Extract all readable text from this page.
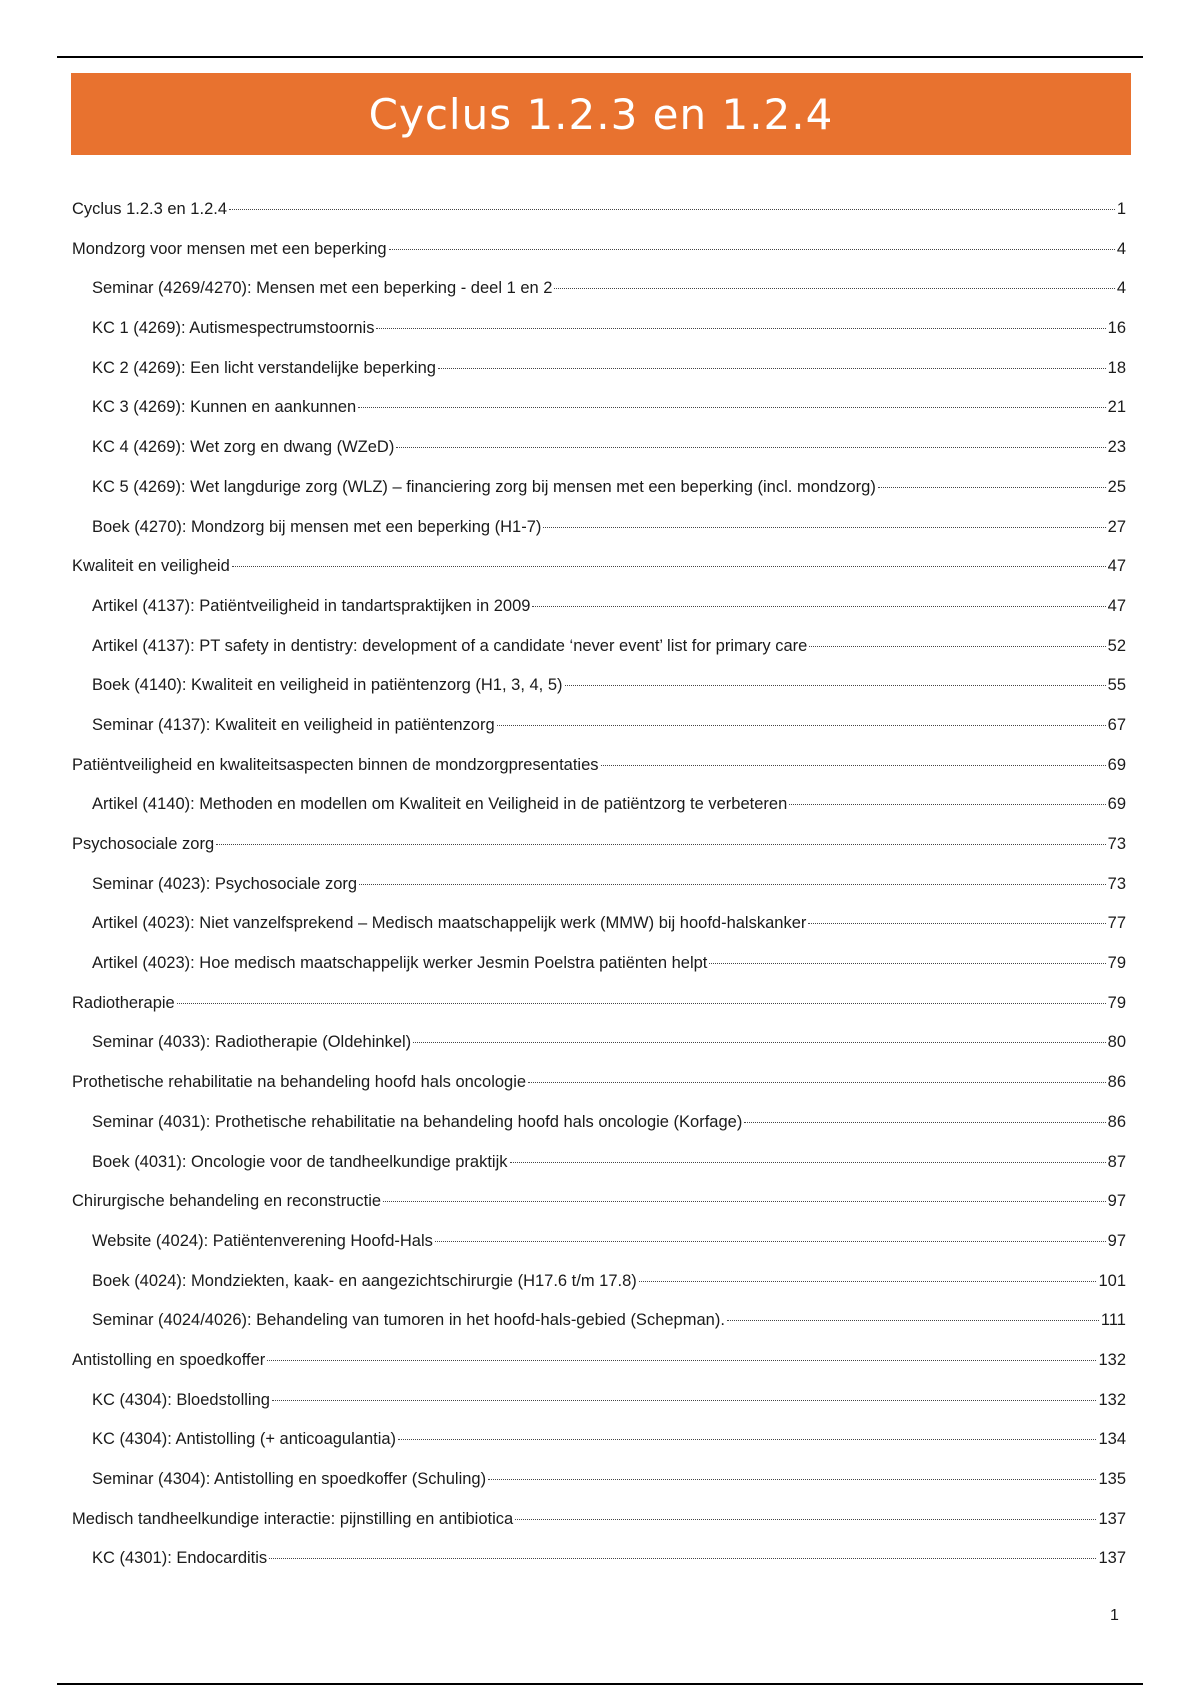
Cyclus 1.2.3 en 1.2.4
Cyclus 1.2.3 en 1.2.4	1
Mondzorg voor mensen met een beperking	4
Seminar (4269/4270): Mensen met een beperking - deel 1 en 2	4
KC 1 (4269): Autismespectrumstoornis	16
KC 2 (4269): Een licht verstandelijke beperking	18
KC 3 (4269): Kunnen en aankunnen	21
KC 4 (4269): Wet zorg en dwang (WZeD)	23
KC 5 (4269): Wet langdurige zorg (WLZ) – financiering zorg bij mensen met een beperking (incl. mondzorg)	25
Boek (4270): Mondzorg bij mensen met een beperking (H1-7)	27
Kwaliteit en veiligheid	47
Artikel (4137): Patiëntveiligheid in tandartspraktijken in 2009	47
Artikel (4137): PT safety in dentistry: development of a candidate ‘never event’ list for primary care	52
Boek (4140): Kwaliteit en veiligheid in patiëntenzorg (H1, 3, 4, 5)	55
Seminar (4137): Kwaliteit en veiligheid in patiëntenzorg	67
Patiëntveiligheid en kwaliteitsaspecten binnen de mondzorgpresentaties	69
Artikel (4140): Methoden en modellen om Kwaliteit en Veiligheid in de patiëntzorg te verbeteren	69
Psychosociale zorg	73
Seminar (4023): Psychosociale zorg	73
Artikel (4023): Niet vanzelfsprekend – Medisch maatschappelijk werk (MMW) bij hoofd-halskanker	77
Artikel (4023): Hoe medisch maatschappelijk werker Jesmin Poelstra patiënten helpt	79
Radiotherapie	79
Seminar (4033): Radiotherapie (Oldehinkel)	80
Prothetische rehabilitatie na behandeling hoofd hals oncologie	86
Seminar (4031): Prothetische rehabilitatie na behandeling hoofd hals oncologie (Korfage)	86
Boek (4031): Oncologie voor de tandheelkundige praktijk	87
Chirurgische behandeling en reconstructie	97
Website (4024): Patiëntenverening Hoofd-Hals	97
Boek (4024): Mondziekten, kaak- en aangezichtschirurgie (H17.6 t/m 17.8)	101
Seminar (4024/4026): Behandeling van tumoren in het hoofd-hals-gebied (Schepman).	111
Antistolling en spoedkoffer	132
KC (4304): Bloedstolling	132
KC (4304): Antistolling (+ anticoagulantia)	134
Seminar (4304): Antistolling en spoedkoffer (Schuling)	135
Medisch tandheelkundige interactie: pijnstilling en antibiotica	137
KC (4301): Endocarditis	137
1
